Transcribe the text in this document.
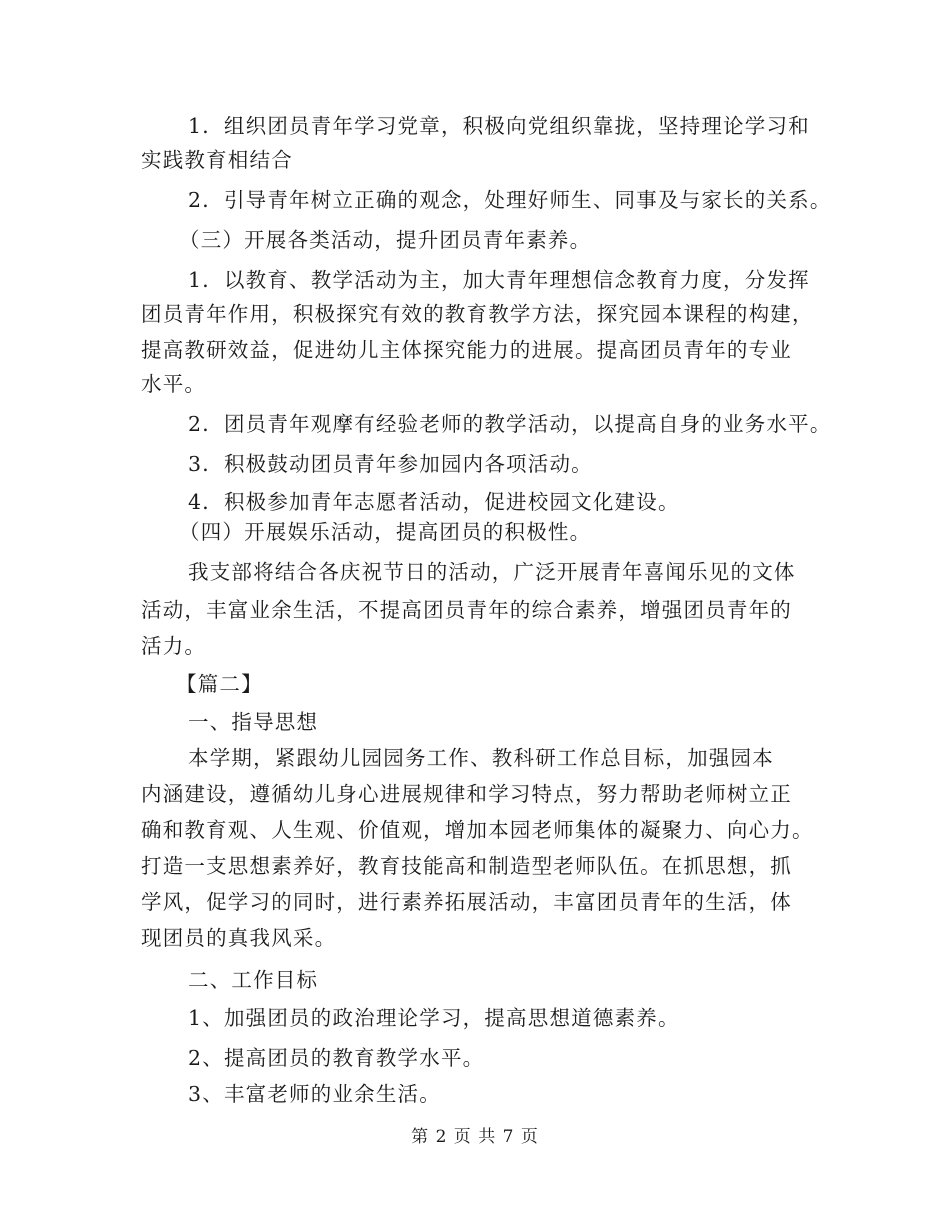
1．组织团员青年学习党章，积极向党组织靠拢，坚持理论学习和
实践教育相结合
2．引导青年树立正确的观念，处理好师生、同事及与家长的关系。
（三）开展各类活动，提升团员青年素养。
1．以教育、教学活动为主，加大青年理想信念教育力度，分发挥
团员青年作用，积极探究有效的教育教学方法，探究园本课程的构建，
提高教研效益，促进幼儿主体探究能力的进展。提高团员青年的专业
水平。
2．团员青年观摩有经验老师的教学活动，以提高自身的业务水平。
3．积极鼓动团员青年参加园内各项活动。
4．积极参加青年志愿者活动，促进校园文化建设。
（四）开展娱乐活动，提高团员的积极性。
我支部将结合各庆祝节日的活动，广泛开展青年喜闻乐见的文体
活动，丰富业余生活，不提高团员青年的综合素养，增强团员青年的
活力。
【篇二】
一、指导思想
本学期，紧跟幼儿园园务工作、教科研工作总目标，加强园本
内涵建设，遵循幼儿身心进展规律和学习特点，努力帮助老师树立正
确和教育观、人生观、价值观，增加本园老师集体的凝聚力、向心力。
打造一支思想素养好，教育技能高和制造型老师队伍。在抓思想，抓
学风，促学习的同时，进行素养拓展活动，丰富团员青年的生活，体
现团员的真我风采。
二、工作目标
1、加强团员的政治理论学习，提高思想道德素养。
2、提高团员的教育教学水平。
3、丰富老师的业余生活。
第 2 页 共 7 页
